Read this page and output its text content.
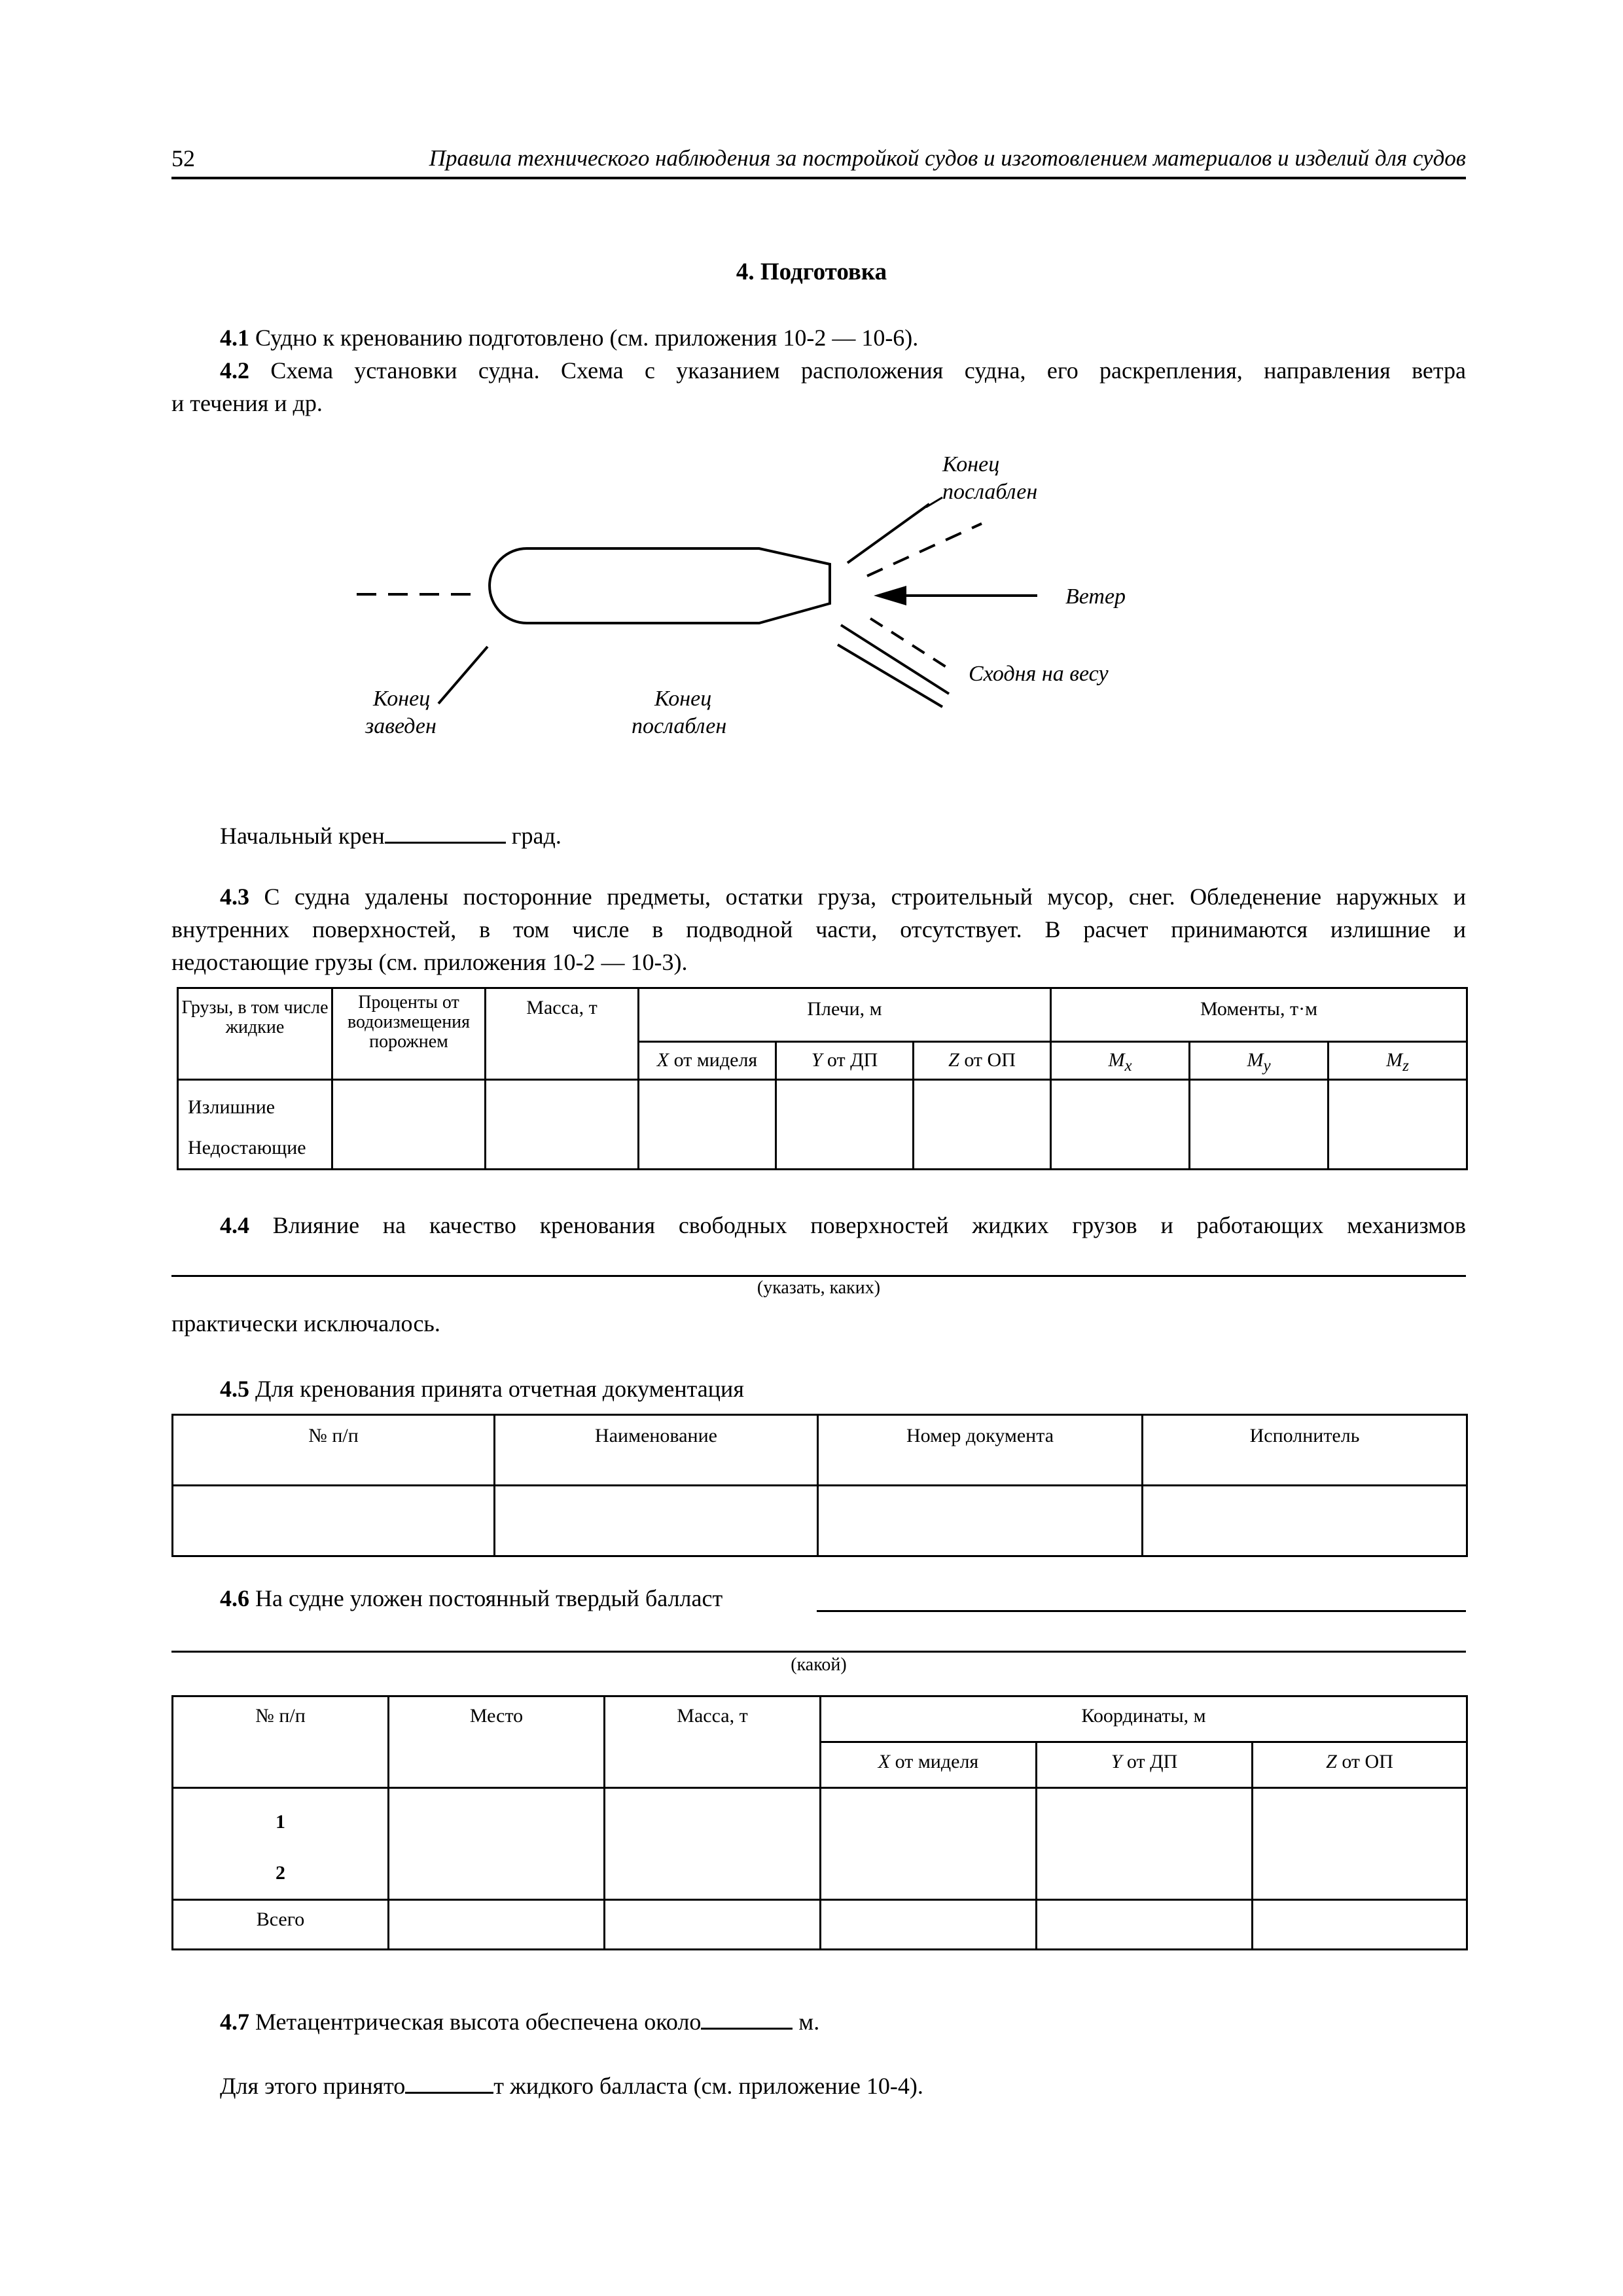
52	Правила технического наблюдения за постройкой судов и изготовлением материалов и изделий для судов
4. Подготовка
4.1 Судно к кренованию подготовлено (см. приложения 10-2 — 10-6).
4.2 Схема установки судна. Схема с указанием расположения судна, его раскрепления, направления ветра
и течения и др.
Конец
послаблен
Ветер
Сходня на весу
Конец
заведен
Конец
послаблен
Начальный крен	град.
4.3 С судна удалены посторонние предметы, остатки груза, строительный мусор, снег. Обледенение наружных и
внутренних поверхностей, в том числе в подводной части, отсутствует. В расчет принимаются излишние и
недостающие грузы (см. приложения 10-2 — 10-3).
Грузы, в том числе жидкие	Проценты от водоизмещения порожнем	Масса, т	Плечи, м			Моменты, т·м		
			X от миделя	Y от ДП	Z от ОП	$M_x$	$M_y$	$M_z$

Излишние
Недостающие								

4.4 Влияние на качество кренования свободных поверхностей жидких грузов и работающих механизмов
(указать, каких)
практически исключалось.
4.5 Для кренования принята отчетная документация
№ п/п	Наименование	Номер документа	Исполнитель

4.6 На судне уложен постоянный твердый балласт
(какой)
№ п/п	Место	Масса, т	Координаты, м		
			X от миделя	Y от ДП	Z от ОП

1
2					

Всего					
4.7 Метацентрическая высота обеспечена около	м.
Для этого принято	т жидкого балласта (см. приложение 10-4).
